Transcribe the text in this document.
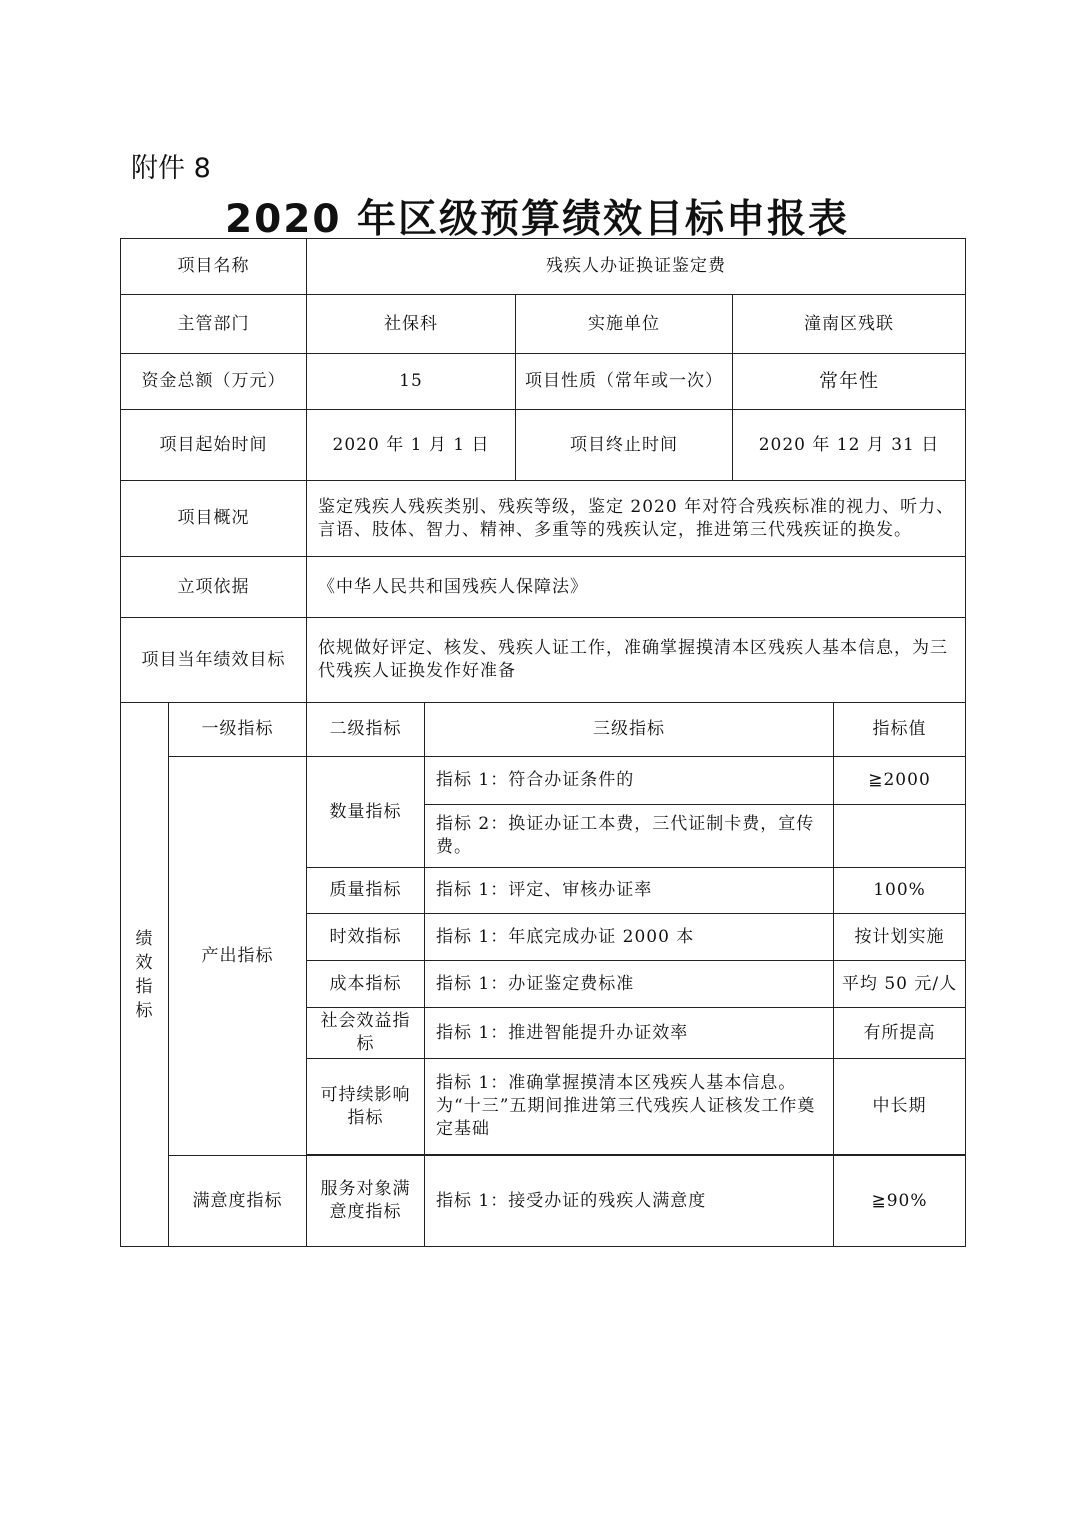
附件 8
2020 年区级预算绩效目标申报表
项目名称		残疾人办证换证鉴定费				
主管部门		社保科		实施单位	潼南区残联	
资金总额（万元）		15		项目性质（常年或一次）	常年性	
项目起始时间		2020 年 1 月 1 日		项目终止时间	2020 年 12 月 31 日	
项目概况		鉴定残疾人残疾类别、残疾等级，鉴定 2020 年对符合残疾标准的视力、听力、言语、肢体、智力、精神、多重等的残疾认定，推进第三代残疾证的换发。				
立项依据		《中华人民共和国残疾人保障法》				
项目当年绩效目标		依规做好评定、核发、残疾人证工作，准确掌握摸清本区残疾人基本信息，为三代残疾人证换发作好准备				
绩效指标	一级指标	二级指标	三级指标			指标值
	产出指标	数量指标	指标 1：符合办证条件的			≧2000
			指标 2：换证办证工本费，三代证制卡费，宣传费。			
		质量指标	指标 1：评定、审核办证率			100%
		时效指标	指标 1：年底完成办证 2000 本			按计划实施
		成本指标	指标 1：办证鉴定费标准			平均 50 元/人
		社会效益指标	指标 1：推进智能提升办证效率			有所提高
		可持续影响指标	指标 1：准确掌握摸清本区残疾人基本信息。为“十三”五期间推进第三代残疾人证核发工作奠定基础			中长期

	满意度指标	服务对象满意度指标	指标 1：接受办证的残疾人满意度			≧90%
